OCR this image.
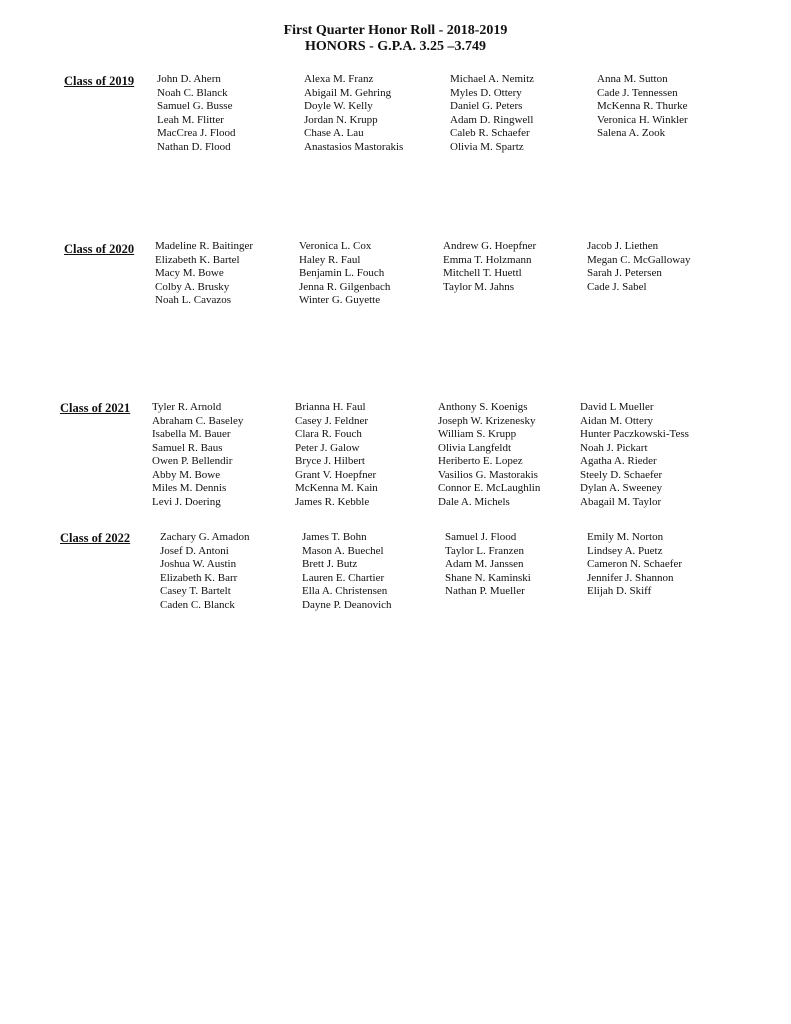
First Quarter Honor Roll - 2018-2019
HONORS - G.P.A. 3.25 –3.749
Class of 2019 John D. Ahern
Noah C. Blanck
Samuel G. Busse
Leah M. Flitter
MacCrea J. Flood
Nathan D. Flood
Alexa M. Franz
Abigail M. Gehring
Doyle W. Kelly
Jordan N. Krupp
Chase A. Lau
Anastasios Mastorakis
Michael A. Nemitz
Myles D. Ottery
Daniel G. Peters
Adam D. Ringwell
Caleb R. Schaefer
Olivia M. Spartz
Anna M. Sutton
Cade J. Tennessen
McKenna R. Thurke
Veronica H. Winkler
Salena A. Zook
Class of 2020 Madeline R. Baitinger
Elizabeth K. Bartel
Macy M. Bowe
Colby A. Brusky
Noah L. Cavazos
Veronica L. Cox
Haley R. Faul
Benjamin L. Fouch
Jenna R. Gilgenbach
Winter G. Guyette
Andrew G. Hoepfner
Emma T. Holzmann
Mitchell T. Huettl
Taylor M. Jahns
Jacob J. Liethen
Megan C. McGalloway
Sarah J. Petersen
Cade J. Sabel
Class of 2021 Tyler R. Arnold
Abraham C. Baseley
Isabella M. Bauer
Samuel R. Baus
Owen P. Bellendir
Abby M. Bowe
Miles M. Dennis
Levi J. Doering
Brianna H. Faul
Casey J. Feldner
Clara R. Fouch
Peter J. Galow
Bryce J. Hilbert
Grant V. Hoepfner
McKenna M. Kain
James R. Kebble
Anthony S. Koenigs
Joseph W. Krizenesky
William S. Krupp
Olivia Langfeldt
Heriberto E. Lopez
Vasilios G. Mastorakis
Connor E. McLaughlin
Dale A. Michels
David L Mueller
Aidan M. Ottery
Hunter Paczkowski-Tess
Noah J. Pickart
Agatha A. Rieder
Steely D. Schaefer
Dylan A. Sweeney
Abagail M. Taylor
Class of 2022	Zachary G. Amadon
Josef D. Antoni
Joshua W. Austin
Elizabeth K. Barr
Casey T. Bartelt
Caden C. Blanck
James T. Bohn
Mason A. Buechel
Brett J. Butz
Lauren E. Chartier
Ella A. Christensen
Dayne P. Deanovich
Samuel J. Flood
Taylor L. Franzen
Adam M. Janssen
Shane N. Kaminski
Nathan P. Mueller
Emily M. Norton
Lindsey A. Puetz
Cameron N. Schaefer
Jennifer J. Shannon
Elijah D. Skiff
